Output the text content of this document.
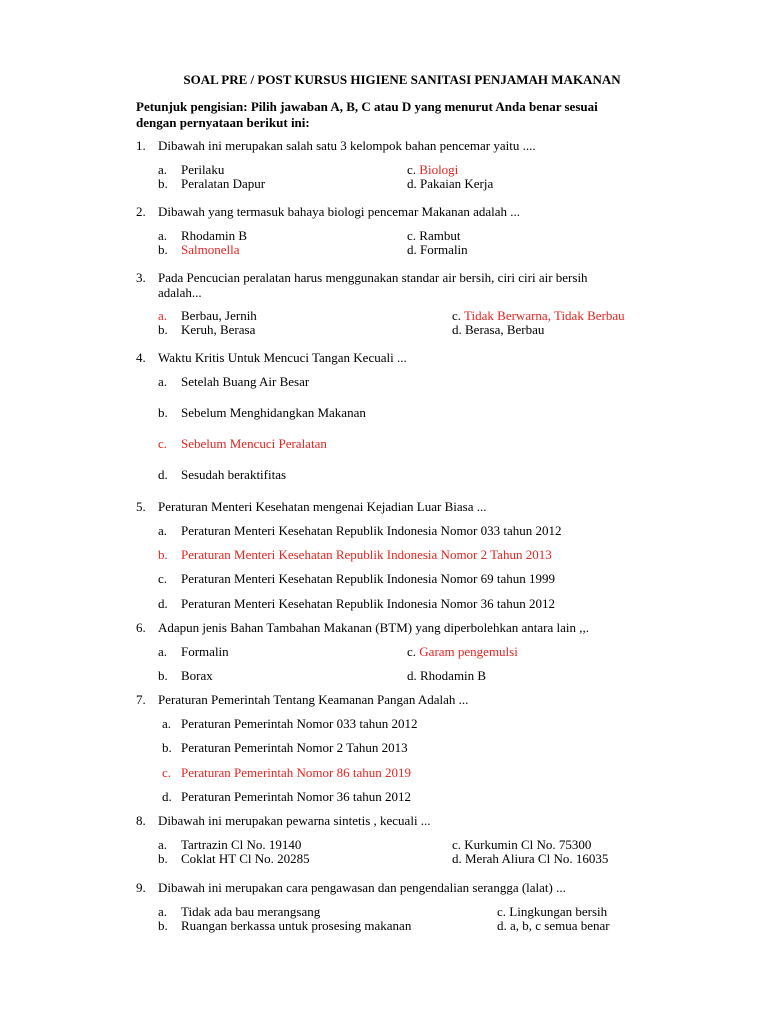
SOAL PRE / POST KURSUS HIGIENE SANITASI PENJAMAH MAKANAN
Petunjuk pengisian: Pilih jawaban A, B, C atau D yang menurut Anda benar sesuai
dengan pernyataan berikut ini:
1. Dibawah ini merupakan salah satu 3 kelompok bahan pencemar yaitu ....
a. Perilaku
b. Peralatan Dapur
c. Biologi
d. Pakaian Kerja
2. Dibawah yang termasuk bahaya biologi pencemar Makanan adalah ...
a. Rhodamin B
b. Salmonella
c. Rambut
d. Formalin
3. Pada Pencucian peralatan harus menggunakan standar air bersih, ciri ciri air bersih
adalah...
a. Berbau, Jernih
b. Keruh, Berasa
c. Tidak Berwarna, Tidak Berbau
d. Berasa, Berbau
4. Waktu Kritis Untuk Mencuci Tangan Kecuali ...
a. Setelah Buang Air Besar
b. Sebelum Menghidangkan Makanan
c. Sebelum Mencuci Peralatan
d. Sesudah beraktifitas
5. Peraturan Menteri Kesehatan mengenai Kejadian Luar Biasa ...
a. Peraturan Menteri Kesehatan Republik Indonesia Nomor 033 tahun 2012
b. Peraturan Menteri Kesehatan Republik Indonesia Nomor 2 Tahun 2013
c. Peraturan Menteri Kesehatan Republik Indonesia Nomor 69 tahun 1999
d. Peraturan Menteri Kesehatan Republik Indonesia Nomor 36 tahun 2012
6. Adapun jenis Bahan Tambahan Makanan (BTM) yang diperbolehkan antara lain ,,.
a. Formalin
b. Borax
c. Garam pengemulsi
d. Rhodamin B
7. Peraturan Pemerintah Tentang Keamanan Pangan Adalah ...
a. Peraturan Pemerintah Nomor 033 tahun 2012
b. Peraturan Pemerintah Nomor 2 Tahun 2013
c. Peraturan Pemerintah Nomor 86 tahun 2019
d. Peraturan Pemerintah Nomor 36 tahun 2012
8. Dibawah ini merupakan pewarna sintetis , kecuali ...
a. Tartrazin Cl No. 19140
b. Coklat HT Cl No. 20285
c. Kurkumin Cl No. 75300
d. Merah Aliura Cl No. 16035
9. Dibawah ini merupakan cara pengawasan dan pengendalian serangga (lalat) ...
a. Tidak ada bau merangsang
b. Ruangan berkassa untuk prosesing makanan
c. Lingkungan bersih
d. a, b, c semua benar
